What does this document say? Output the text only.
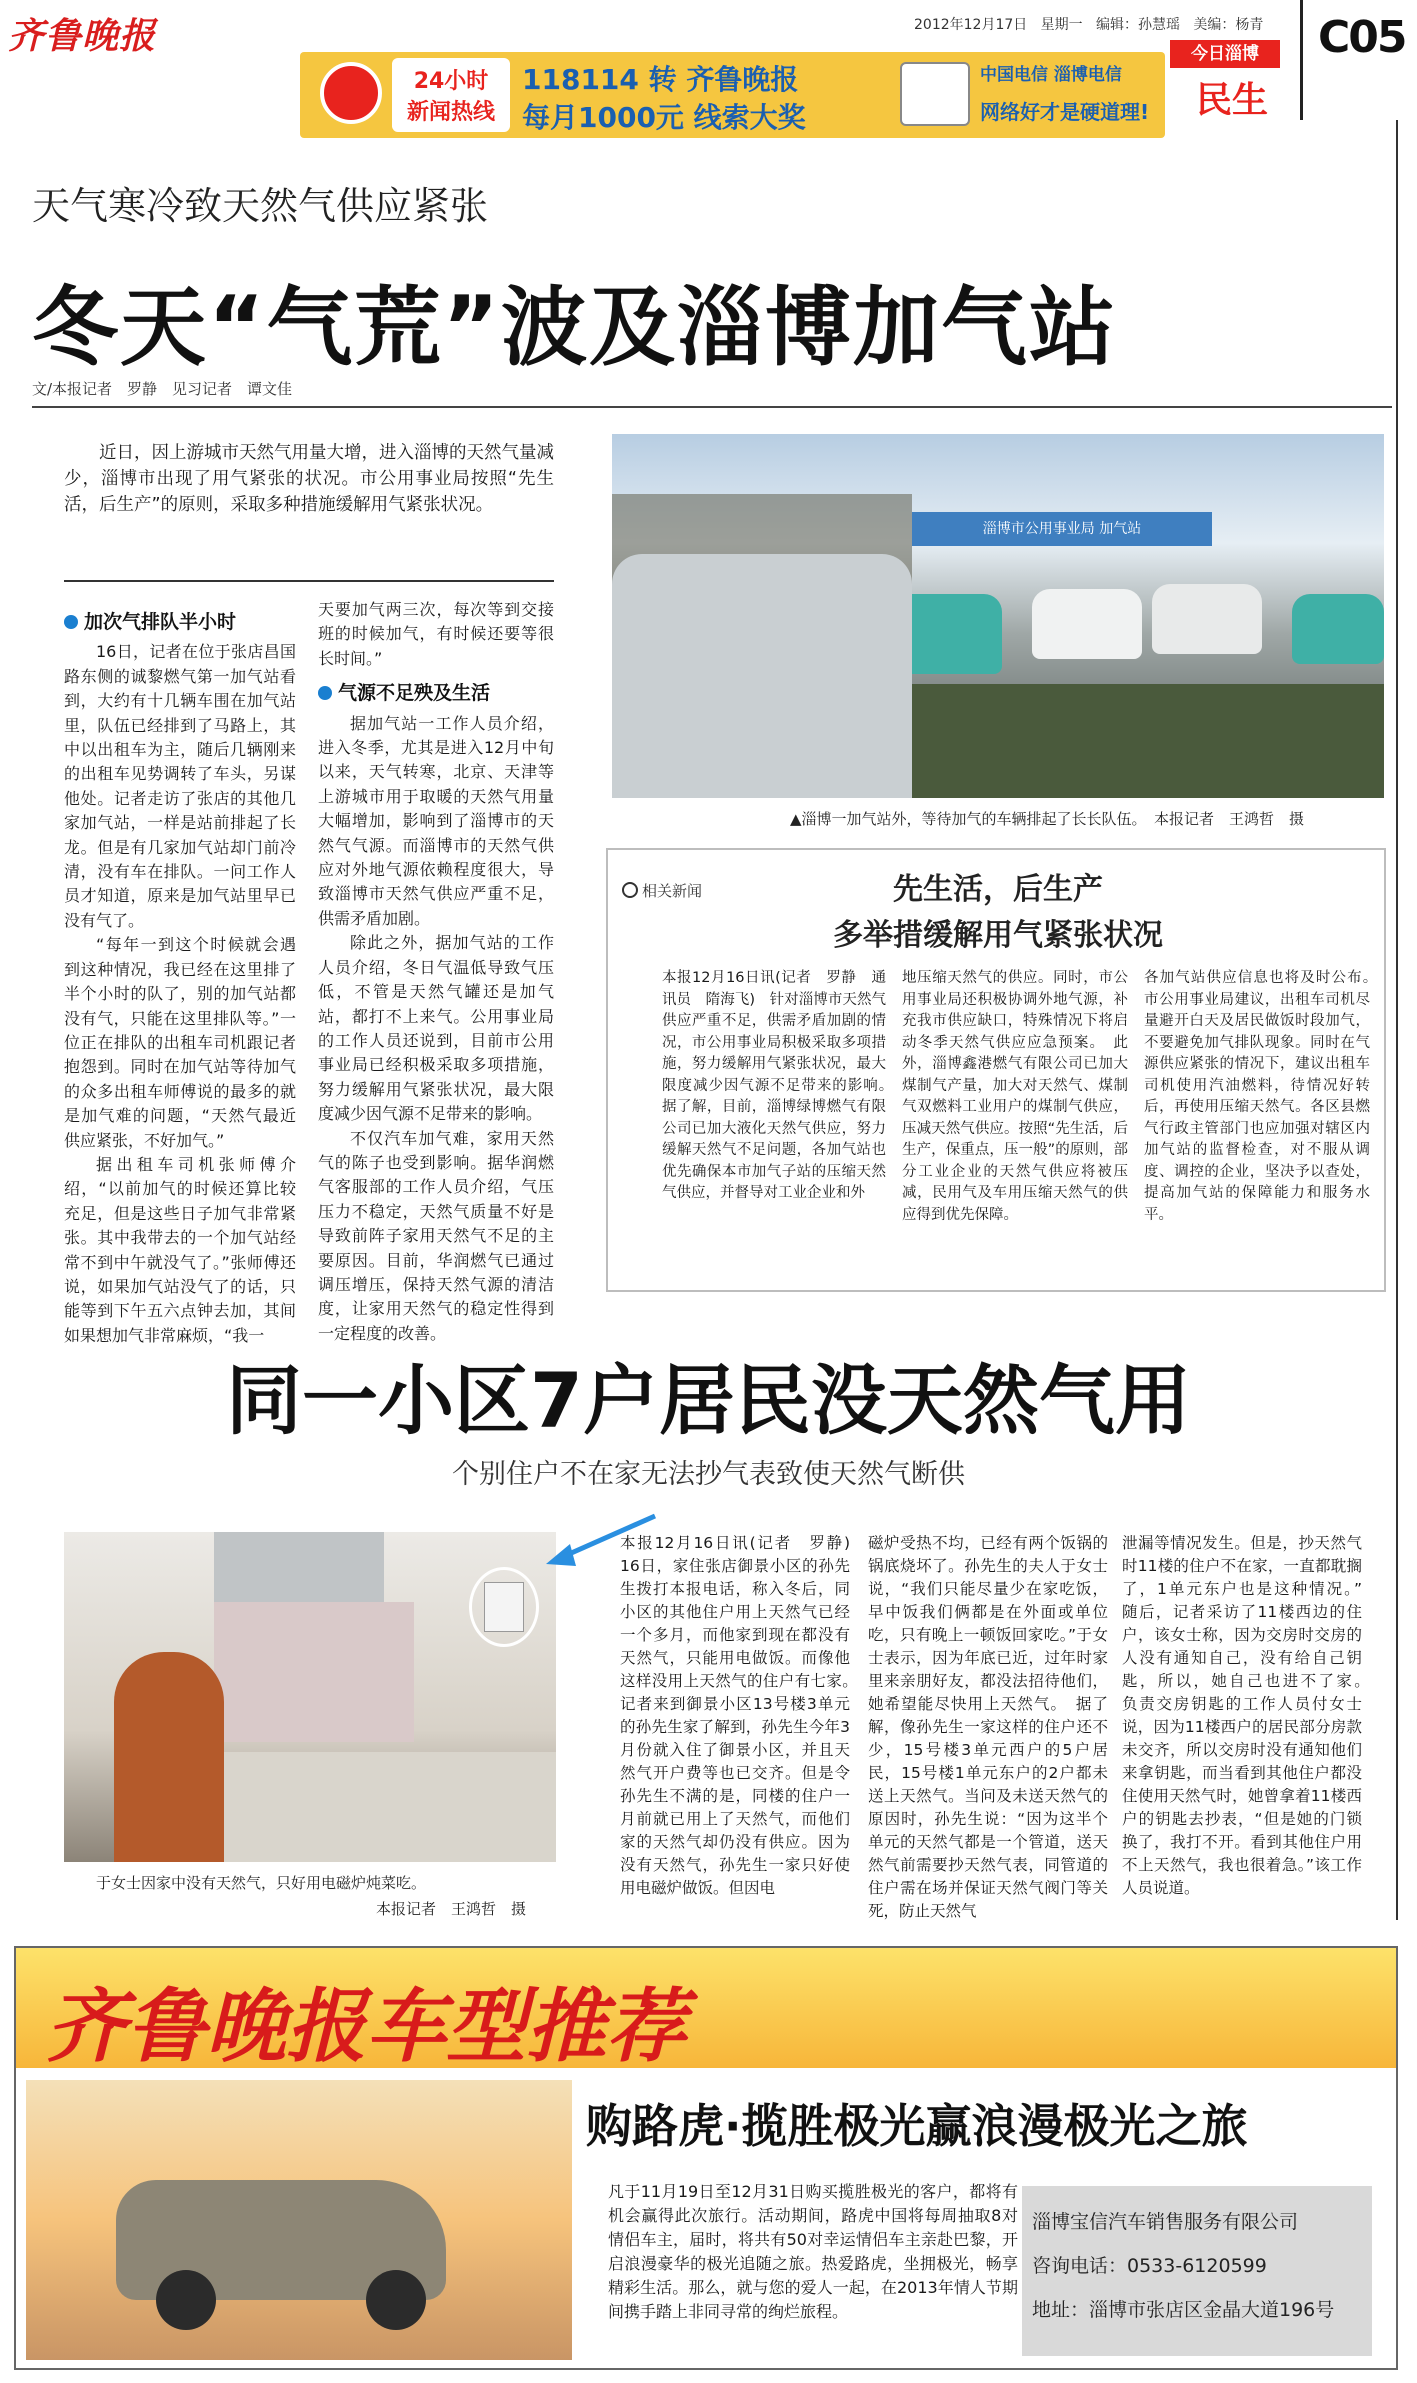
齐鲁晚报	2012年12月17日 星期一 编辑：孙慧瑶 美编：杨青
今日淄博
民生
C05
24小时
新闻热线
118114 转 齐鲁晚报
每月1000元 线索大奖
中国电信 淄博电信
网络好才是硬道理!
天气寒冷致天然气供应紧张
冬天“气荒”波及淄博加气站
文/本报记者　罗静　见习记者　谭文佳

近日，因上游城市天然气用量大增，进入淄博的天然气量减少，淄博市出现了用气紧张的状况。市公用事业局按照“先生活，后生产”的原则，采取多种措施缓解用气紧张状况。

加次气排队半小时

16日，记者在位于张店昌国路东侧的诚黎燃气第一加气站看到，大约有十几辆车围在加气站里，队伍已经排到了马路上，其中以出租车为主，随后几辆刚来的出租车见势调转了车头，另谋他处。记者走访了张店的其他几家加气站，一样是站前排起了长龙。但是有几家加气站却门前冷清，没有车在排队。一问工作人员才知道，原来是加气站里早已没有气了。

“每年一到这个时候就会遇到这种情况，我已经在这里排了半个小时的队了，别的加气站都没有气，只能在这里排队等。”一位正在排队的出租车司机跟记者抱怨到。同时在加气站等待加气的众多出租车师傅说的最多的就是加气难的问题，“天然气最近供应紧张，不好加气。”

据出租车司机张师傅介绍，“以前加气的时候还算比较充足，但是这些日子加气非常紧张。其中我带去的一个加气站经常不到中午就没气了。”张师傅还说，如果加气站没气了的话，只能等到下午五六点钟去加，其间如果想加气非常麻烦，“我一

天要加气两三次，每次等到交接班的时候加气，有时候还要等很长时间。”

气源不足殃及生活

据加气站一工作人员介绍，进入冬季，尤其是进入12月中旬以来，天气转寒，北京、天津等上游城市用于取暖的天然气用量大幅增加，影响到了淄博市的天然气气源。而淄博市的天然气供应对外地气源依赖程度很大，导致淄博市天然气供应严重不足，供需矛盾加剧。

除此之外，据加气站的工作人员介绍，冬日气温低导致气压低，不管是天然气罐还是加气站，都打不上来气。公用事业局的工作人员还说到，目前市公用事业局已经积极采取多项措施，努力缓解用气紧张状况，最大限度减少因气源不足带来的影响。

不仅汽车加气难，家用天然气的陈子也受到影响。据华润燃气客服部的工作人员介绍，气压压力不稳定，天然气质量不好是导致前阵子家用天然气不足的主要原因。目前，华润燃气已通过调压增压，保持天然气源的清洁度，让家用天然气的稳定性得到一定程度的改善。

淄博市公用事业局 加气站
▲淄博一加气站外，等待加气的车辆排起了长长队伍。　本报记者　王鸿哲　摄
相关新闻	先生活，后生产
多举措缓解用气紧张状况
本报12月16日讯(记者　罗静　通讯员　隋海飞)　针对淄博市天然气供应严重不足，供需矛盾加剧的情况，市公用事业局积极采取多项措施，努力缓解用气紧张状况，最大限度减少因气源不足带来的影响。　据了解，目前，淄博绿博燃气有限公司已加大液化天然气供应，努力缓解天然气不足问题，各加气站也优先确保本市加气子站的压缩天然气供应，并督导对工业企业和外
地压缩天然气的供应。同时，市公用事业局还积极协调外地气源，补充我市供应缺口，特殊情况下将启动冬季天然气供应应急预案。　此外，淄博鑫港燃气有限公司已加大煤制气产量，加大对天然气、煤制气双燃料工业用户的煤制气供应，压减天然气供应。按照“先生活，后生产，保重点，压一般”的原则，部分工业企业的天然气供应将被压减，民用气及车用压缩天然气的供应得到优先保障。
各加气站供应信息也将及时公布。　市公用事业局建议，出租车司机尽量避开白天及居民做饭时段加气，不要避免加气排队现象。同时在气源供应紧张的情况下，建议出租车司机使用汽油燃料，待情况好转后，再使用压缩天然气。各区县燃气行政主管部门也应加强对辖区内加气站的监督检查，对不服从调度、调控的企业，坚决予以查处，提高加气站的保障能力和服务水平。
同一小区7户居民没天然气用
个别住户不在家无法抄气表致使天然气断供
于女士因家中没有天然气，只好用电磁炉炖菜吃。
本报记者　王鸿哲　摄
本报12月16日讯(记者　罗静)　16日，家住张店御景小区的孙先生拨打本报电话，称入冬后，同小区的其他住户用上天然气已经一个多月，而他家到现在都没有天然气，只能用电做饭。而像他这样没用上天然气的住户有七家。　记者来到御景小区13号楼3单元的孙先生家了解到，孙先生今年3月份就入住了御景小区，并且天然气开户费等也已交齐。但是令孙先生不满的是，同楼的住户一月前就已用上了天然气，而他们家的天然气却仍没有供应。因为没有天然气，孙先生一家只好使用电磁炉做饭。但因电
磁炉受热不均，已经有两个饭锅的锅底烧坏了。孙先生的夫人于女士说，“我们只能尽量少在家吃饭，早中饭我们俩都是在外面或单位吃，只有晚上一顿饭回家吃。”于女士表示，因为年底已近，过年时家里来亲朋好友，都没法招待他们，她希望能尽快用上天然气。　据了解，像孙先生一家这样的住户还不少，15号楼3单元西户的5户居民，15号楼1单元东户的2户都未送上天然气。当问及未送天然气的原因时，孙先生说：“因为这半个单元的天然气都是一个管道，送天然气前需要抄天然气表，同管道的住户需在场并保证天然气阀门等关死，防止天然气
泄漏等情况发生。但是，抄天然气时11楼的住户不在家，一直都耽搁了，1单元东户也是这种情况。”　随后，记者采访了11楼西边的住户，该女士称，因为交房时交房的人没有通知自己，没有给自己钥匙，所以，她自己也进不了家。　负责交房钥匙的工作人员付女士说，因为11楼西户的居民部分房款未交齐，所以交房时没有通知他们来拿钥匙，而当看到其他住户都没住使用天然气时，她曾拿着11楼西户的钥匙去抄表，“但是她的门锁换了，我打不开。看到其他住户用不上天然气，我也很着急。”该工作人员说道。
齐鲁晚报车型推荐
购路虎·揽胜极光赢浪漫极光之旅
凡于11月19日至12月31日购买揽胜极光的客户，都将有机会赢得此次旅行。活动期间，路虎中国将每周抽取8对情侣车主，届时，将共有50对幸运情侣车主亲赴巴黎，开启浪漫豪华的极光追随之旅。热爱路虎，坐拥极光，畅享精彩生活。那么，就与您的爱人一起，在2013年情人节期间携手踏上非同寻常的绚烂旅程。
淄博宝信汽车销售服务有限公司
咨询电话：0533-6120599
地址：淄博市张店区金晶大道196号
